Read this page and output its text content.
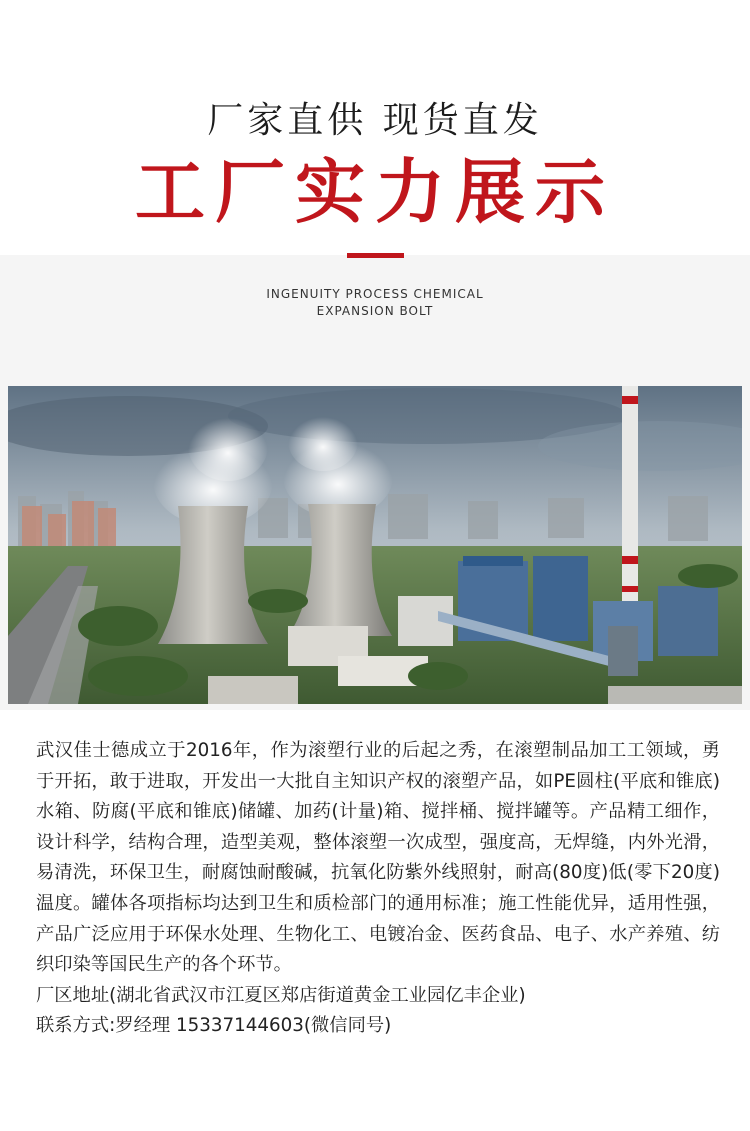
厂家直供 现货直发
工厂实力展示
INGENUITY PROCESS CHEMICAL
EXPANSION BOLT

武汉佳士德成立于2016年，作为滚塑行业的后起之秀，在滚塑制品加工工领域，勇于开拓，敢于进取，开发出一大批自主知识产权的滚塑产品，如PE圆柱(平底和锥底)水箱、防腐(平底和锥底)储罐、加药(计量)箱、搅拌桶、搅拌罐等。产品精工细作，设计科学，结构合理，造型美观，整体滚塑一次成型，强度高，无焊缝，内外光滑，易清洗，环保卫生，耐腐蚀耐酸碱，抗氧化防紫外线照射，耐高(80度)低(零下20度)温度。罐体各项指标均达到卫生和质检部门的通用标准；施工性能优异，适用性强，产品广泛应用于环保水处理、生物化工、电镀冶金、医药食品、电子、水产养殖、纺织印染等国民生产的各个环节。

厂区地址(湖北省武汉市江夏区郑店街道黄金工业园亿丰企业)

联系方式:罗经理 15337144603(微信同号)
